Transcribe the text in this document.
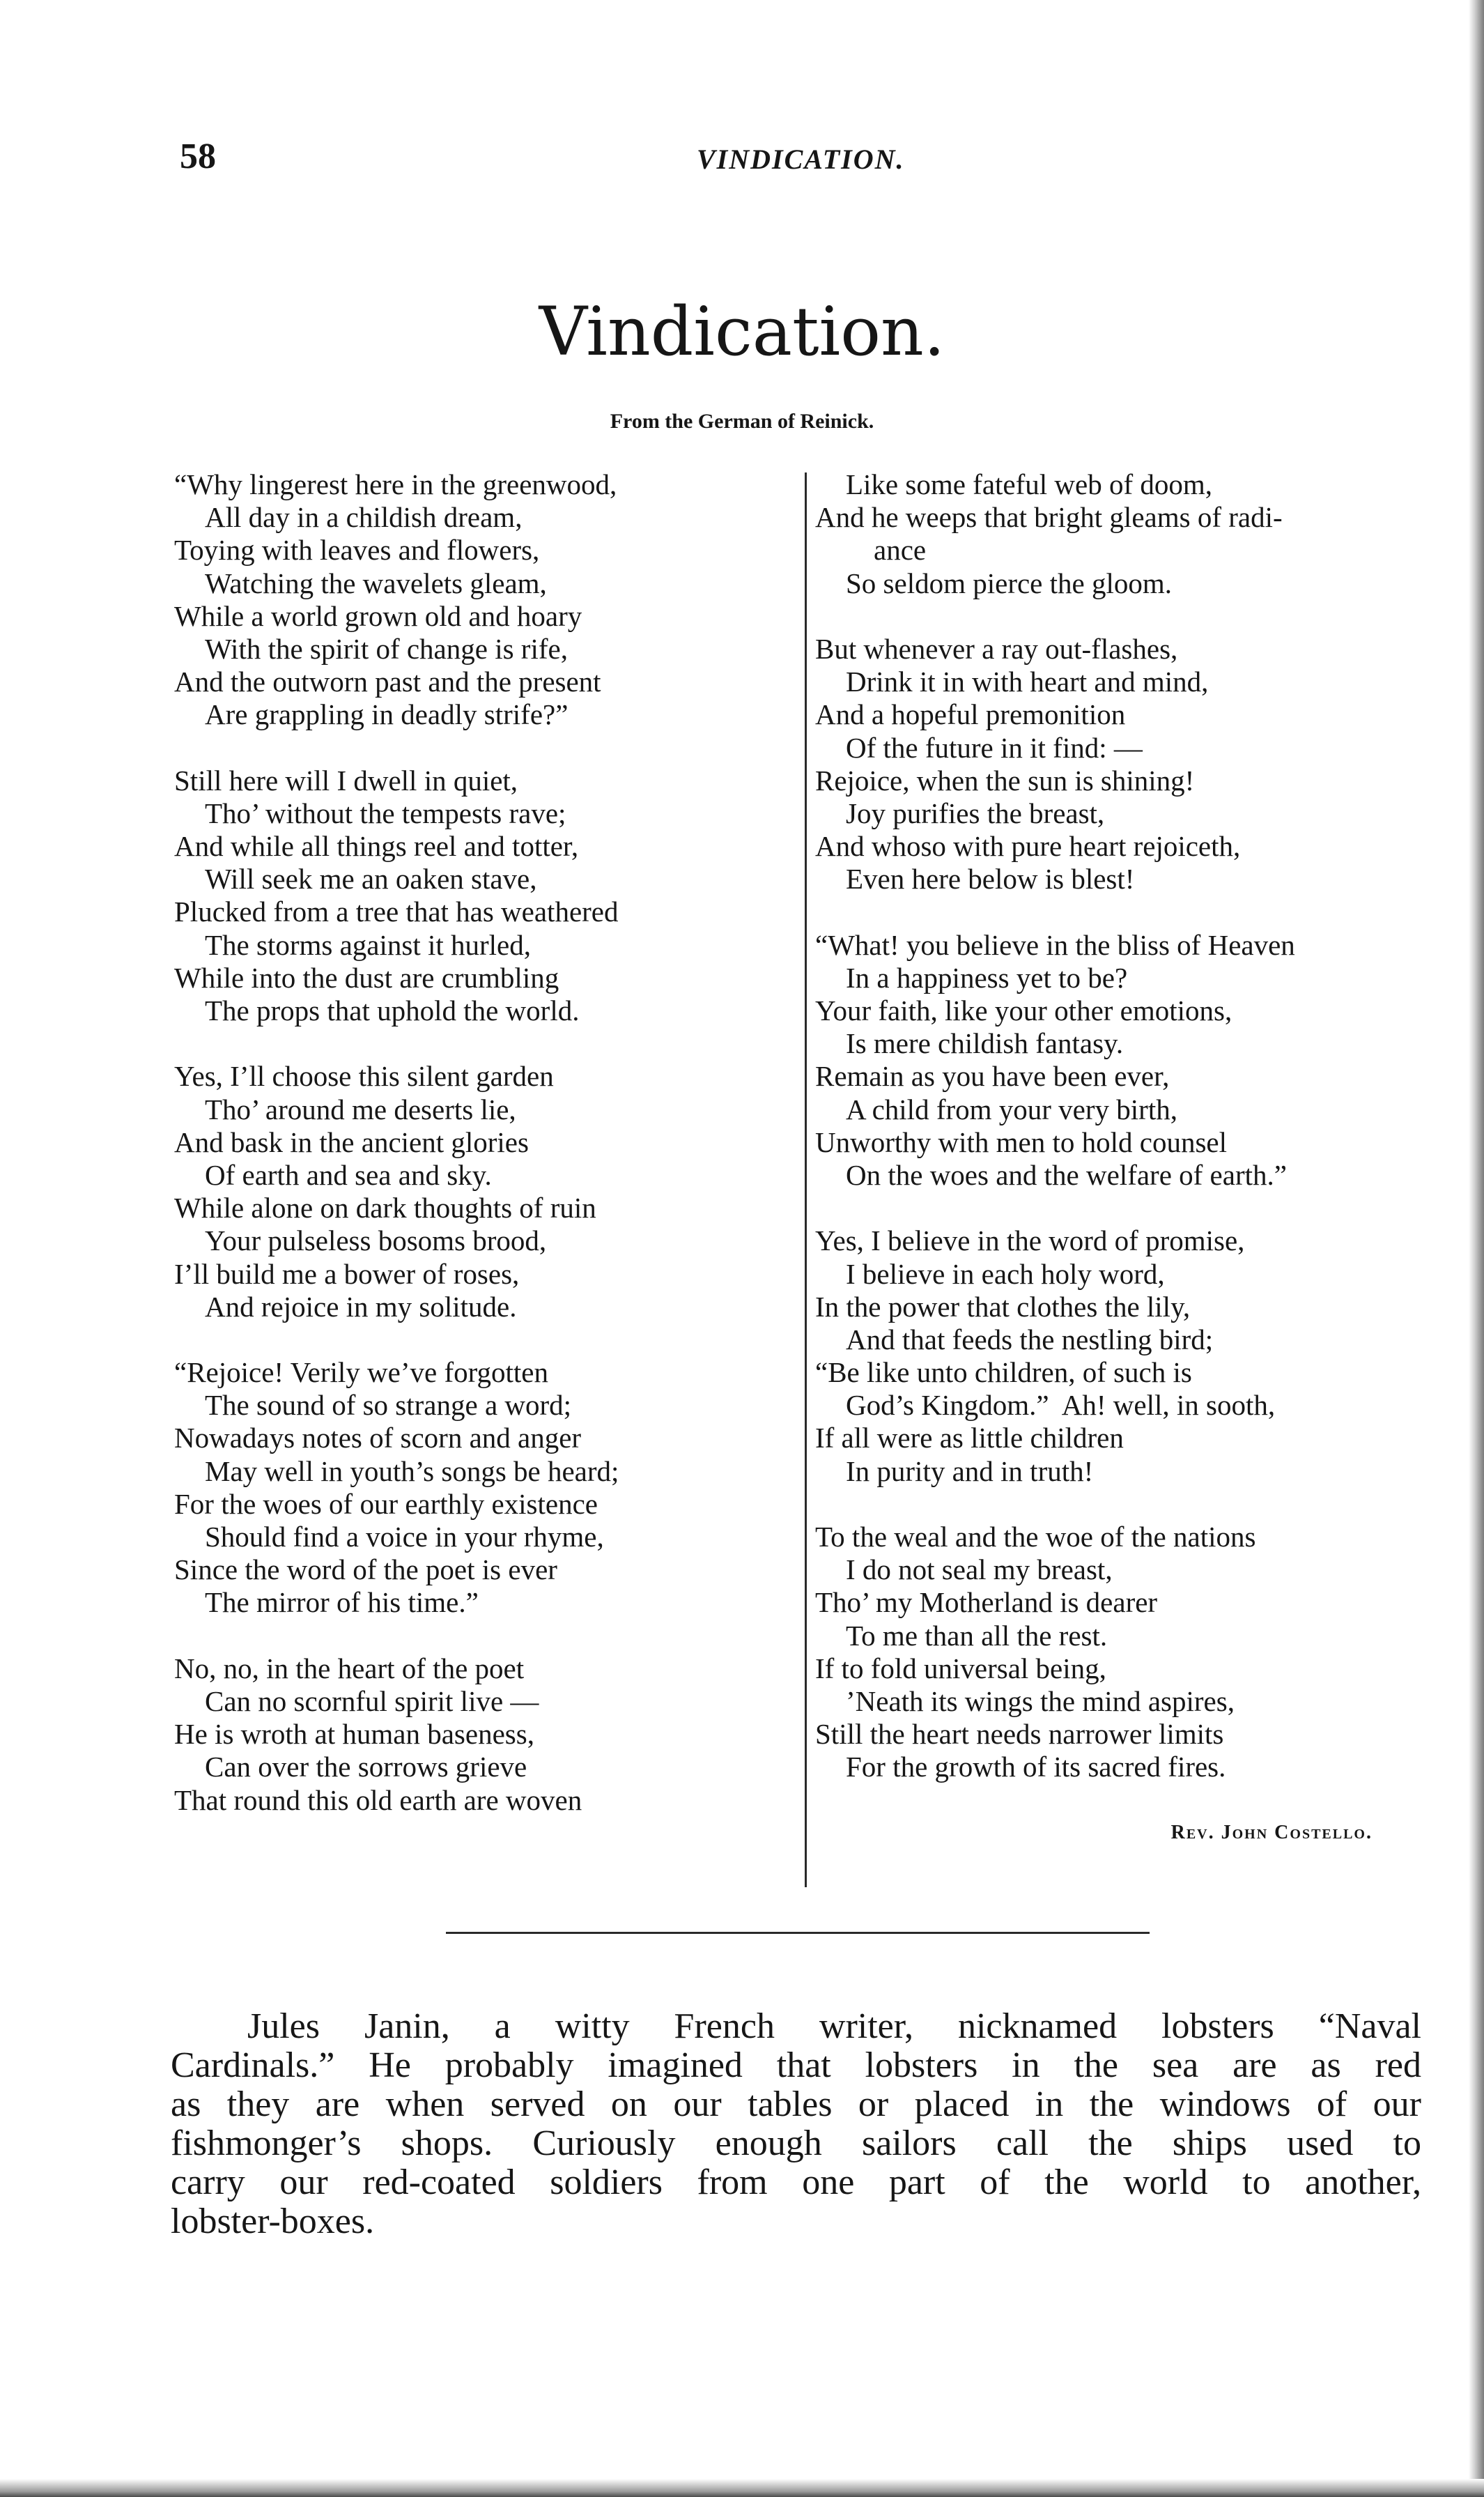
58	VINDICATION.
Vindication.
From the German of Reinick.
“Why lingerest here in the greenwood,
All day in a childish dream,
Toying with leaves and flowers,
Watching the wavelets gleam,
While a world grown old and hoary
With the spirit of change is rife,
And the outworn past and the present
Are grappling in deadly strife?”
Still here will I dwell in quiet,
Tho’ without the tempests rave;
And while all things reel and totter,
Will seek me an oaken stave,
Plucked from a tree that has weathered
The storms against it hurled,
While into the dust are crumbling
The props that uphold the world.
Yes, I’ll choose this silent garden
Tho’ around me deserts lie,
And bask in the ancient glories
Of earth and sea and sky.
While alone on dark thoughts of ruin
Your pulseless bosoms brood,
I’ll build me a bower of roses,
And rejoice in my solitude.
“Rejoice! Verily we’ve forgotten
The sound of so strange a word;
Nowadays notes of scorn and anger
May well in youth’s songs be heard;
For the woes of our earthly existence
Should find a voice in your rhyme,
Since the word of the poet is ever
The mirror of his time.”
No, no, in the heart of the poet
Can no scornful spirit live —
He is wroth at human baseness,
Can over the sorrows grieve
That round this old earth are woven
Like some fateful web of doom,
And he weeps that bright gleams of radi-
ance
So seldom pierce the gloom.
But whenever a ray out-flashes,
Drink it in with heart and mind,
And a hopeful premonition
Of the future in it find: —
Rejoice, when the sun is shining!
Joy purifies the breast,
And whoso with pure heart rejoiceth,
Even here below is blest!
“What! you believe in the bliss of Heaven
In a happiness yet to be?
Your faith, like your other emotions,
Is mere childish fantasy.
Remain as you have been ever,
A child from your very birth,
Unworthy with men to hold counsel
On the woes and the welfare of earth.”
Yes, I believe in the word of promise,
I believe in each holy word,
In the power that clothes the lily,
And that feeds the nestling bird;
“Be like unto children, of such is
God’s Kingdom.”  Ah! well, in sooth,
If all were as little children
In purity and in truth!
To the weal and the woe of the nations
I do not seal my breast,
Tho’ my Motherland is dearer
To me than all the rest.
If to fold universal being,
’Neath its wings the mind aspires,
Still the heart needs narrower limits
For the growth of its sacred fires.
Rev. John Costello.
Jules Janin, a witty French writer, nicknamed lobsters “Naval
Cardinals.” He probably imagined that lobsters in the sea are as red
as they are when served on our tables or placed in the windows of our
fishmonger’s shops. Curiously enough sailors call the ships used to
carry our red-coated soldiers from one part of the world to another,
lobster-boxes.
